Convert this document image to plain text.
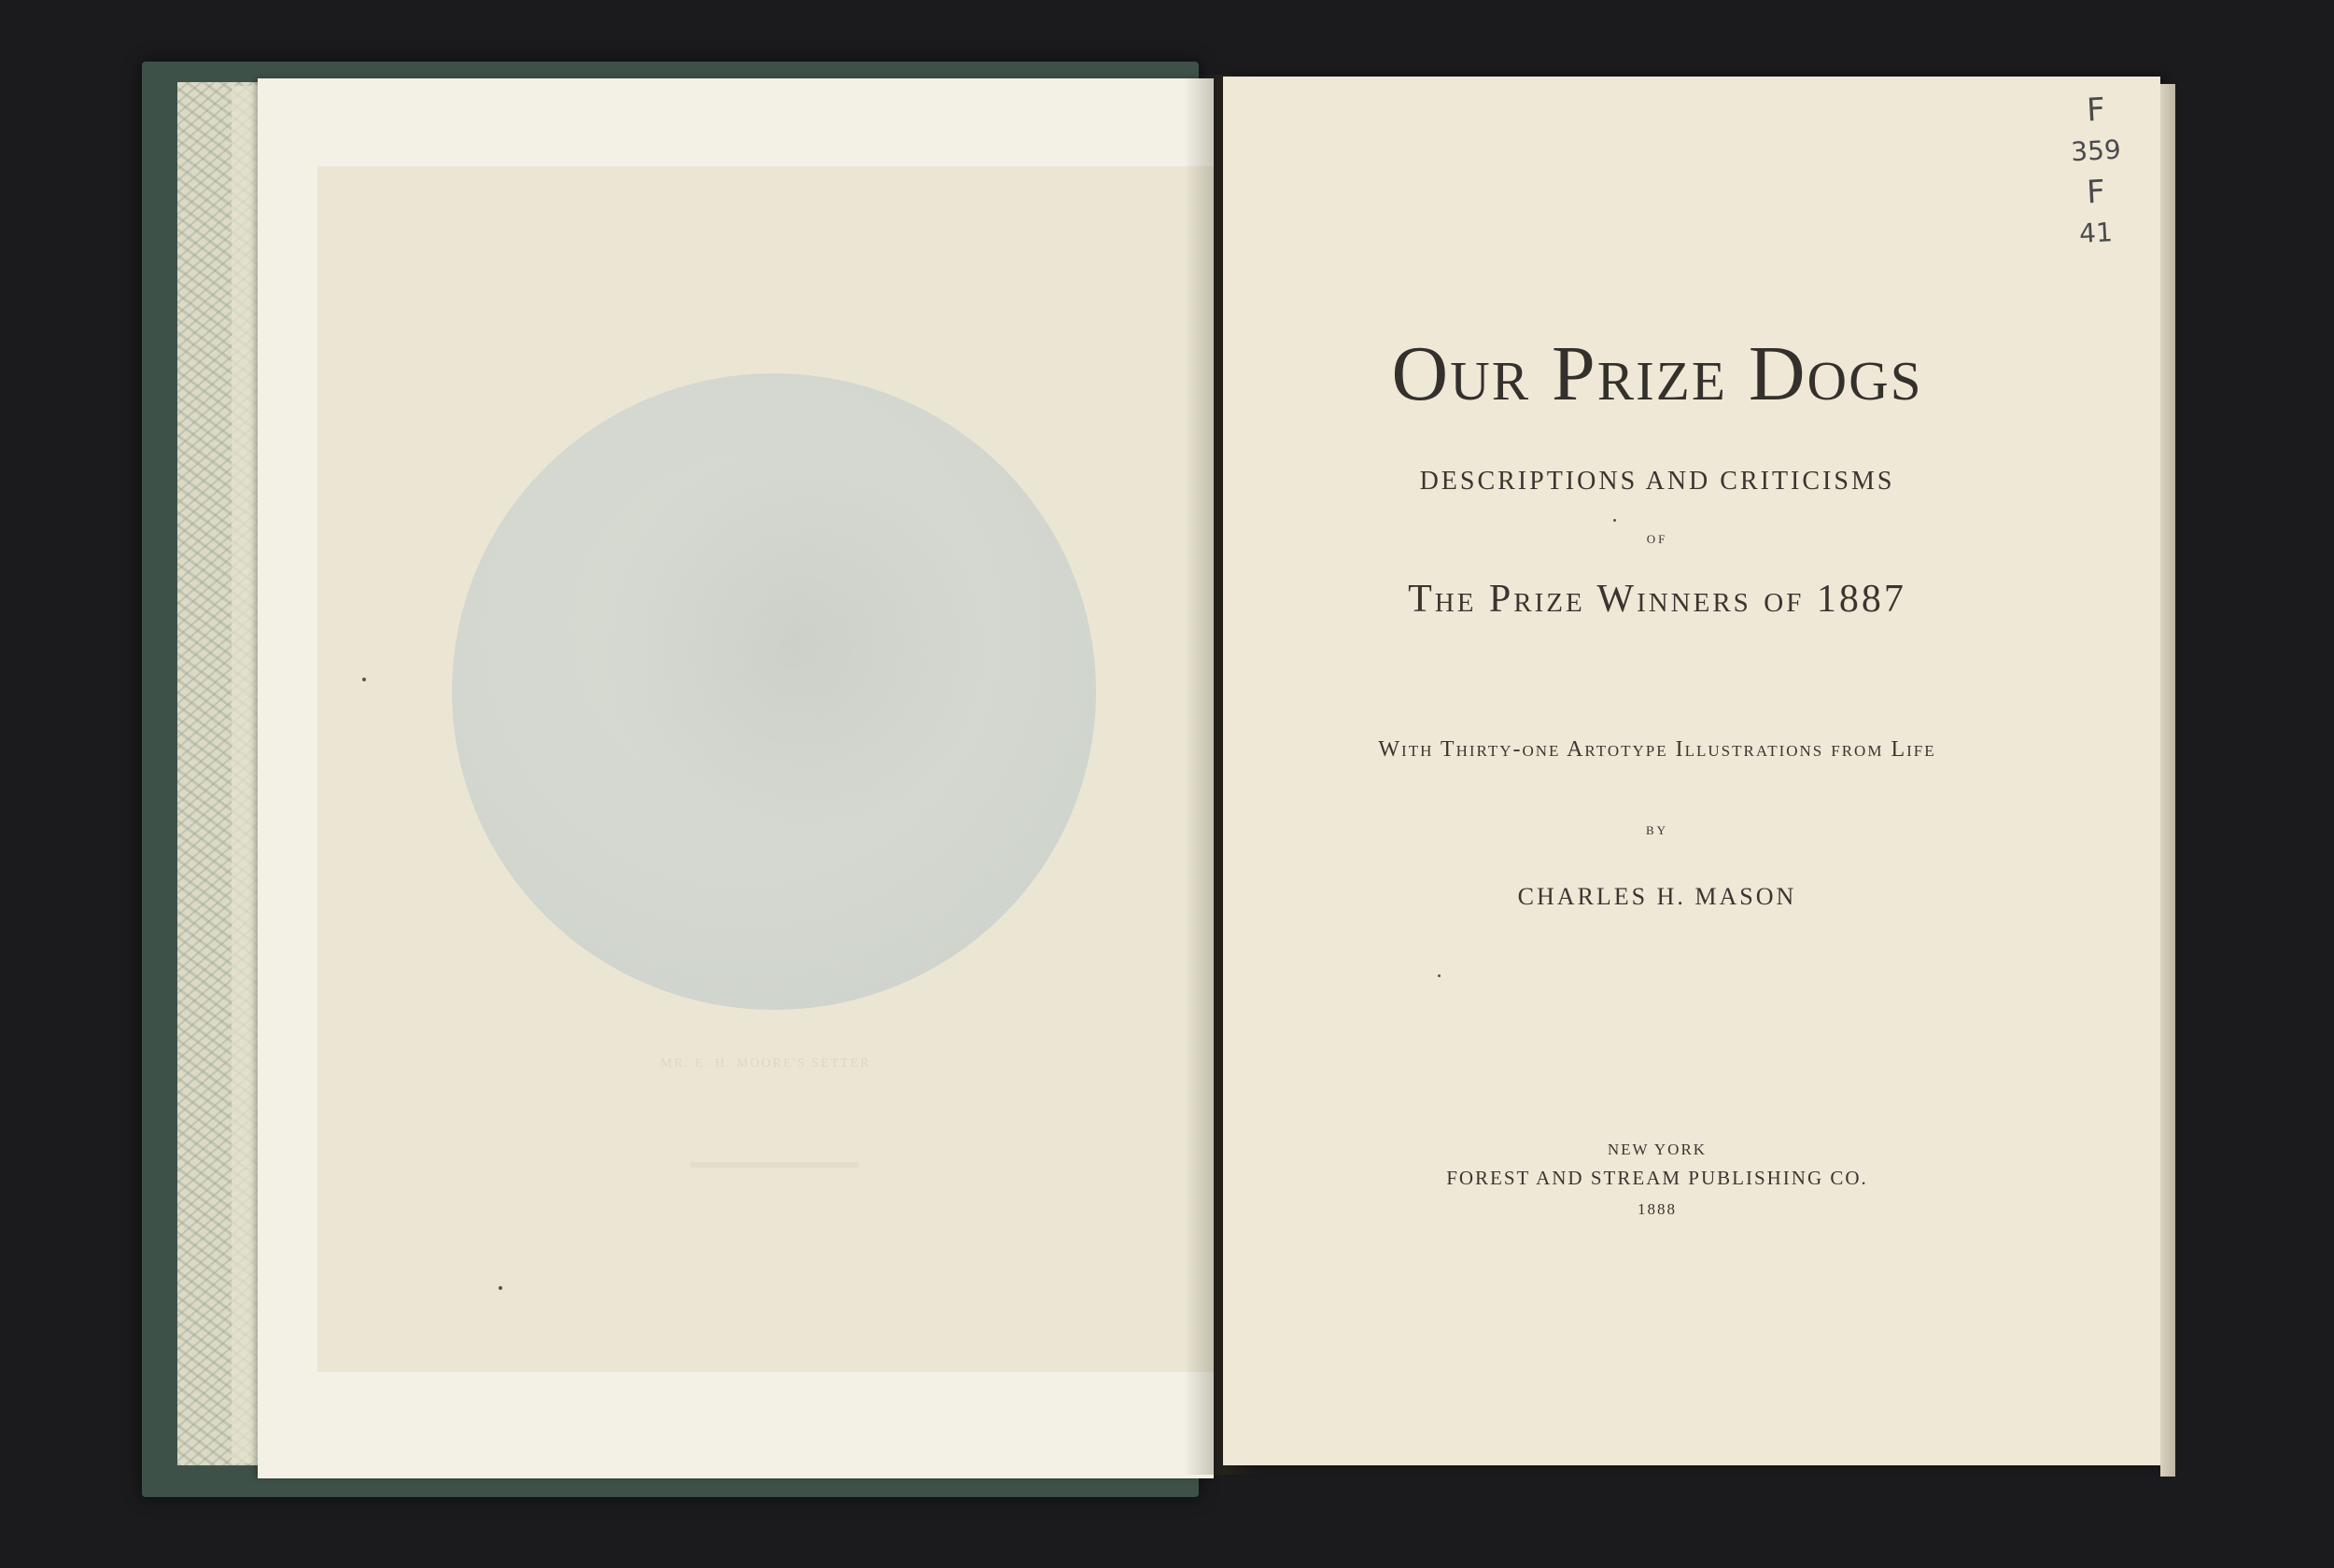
MR. E. H. MOORE'S SETTER
Our Prize Dogs
DESCRIPTIONS AND CRITICISMS
OF
The Prize Winners of 1887
With Thirty-one Artotype Illustrations from Life
BY
CHARLES H. MASON
NEW YORK
FOREST AND STREAM PUBLISHING CO.
1888
F
359
F
41
